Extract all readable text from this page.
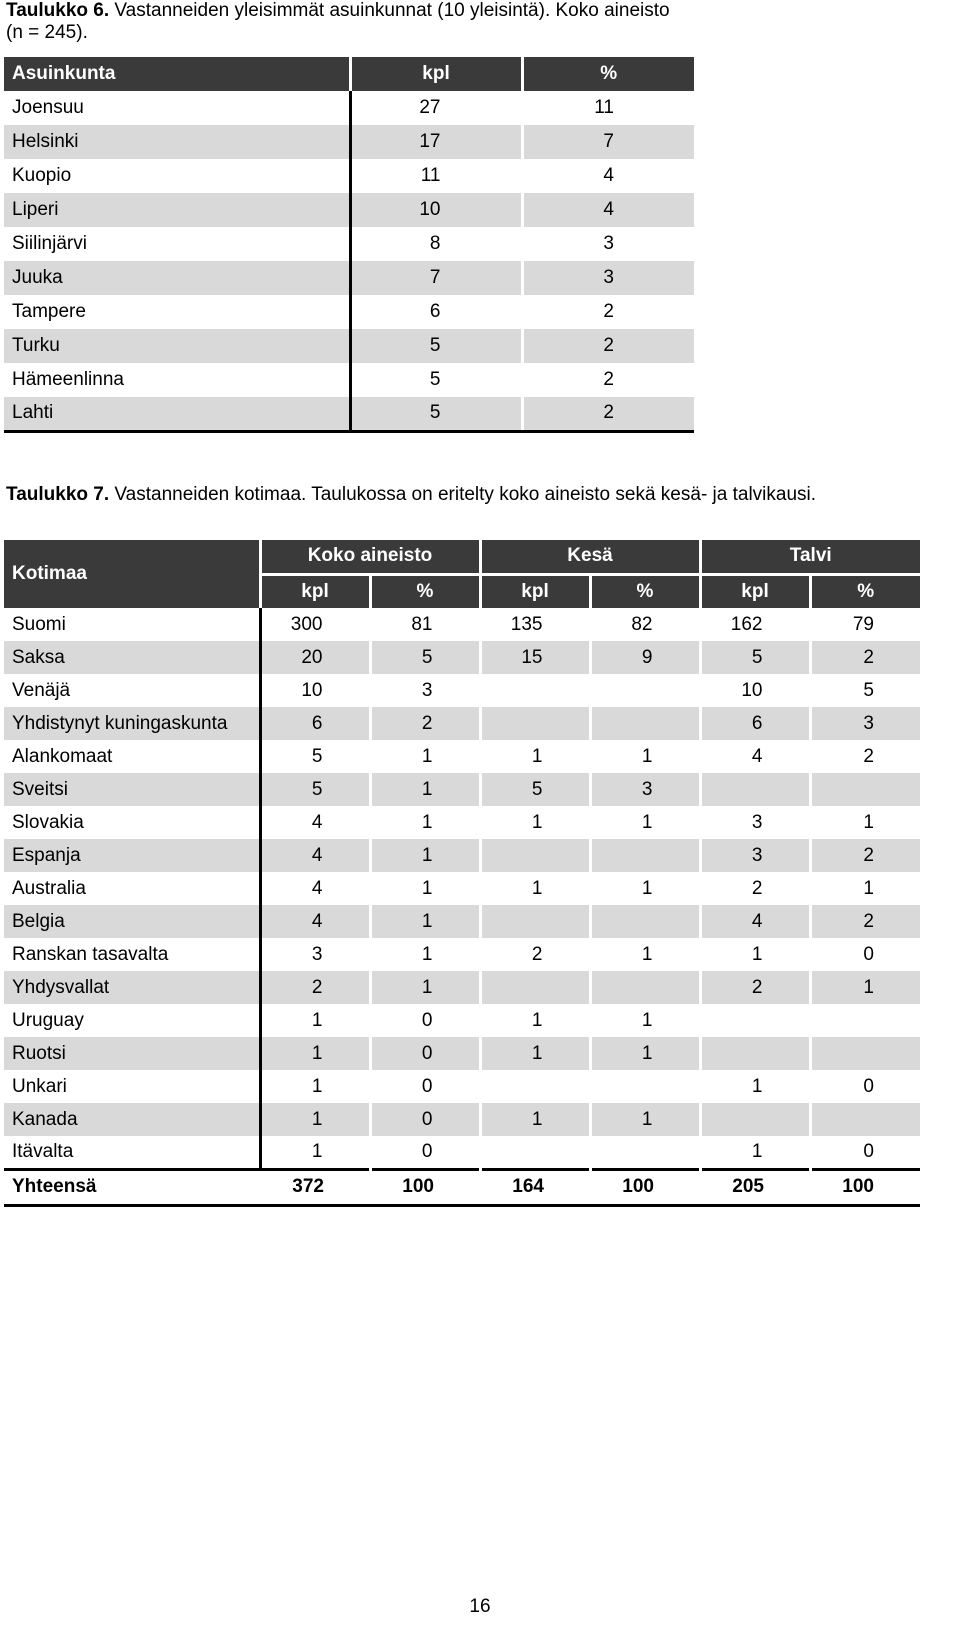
Taulukko 6. Vastanneiden yleisimmät asuinkunnat (10 yleisintä). Koko aineisto
(n = 245).
Asuinkunta	kpl	%
Joensuu	27	11
Helsinki	17	7
Kuopio	11	4
Liperi	10	4
Siilinjärvi	8	3
Juuka	7	3
Tampere	6	2
Turku	5	2
Hämeenlinna	5	2
Lahti	5	2
Taulukko 7. Vastanneiden kotimaa. Taulukossa on eritelty koko aineisto sekä kesä- ja talvikausi.
Kotimaa	Koko aineisto		Kesä		Talvi	
	kpl	%	kpl	%	kpl	%
Suomi	300	81	135	82	162	79
Saksa	20	5	15	9	5	2
Venäjä	10	3			10	5
Yhdistynyt kuningaskunta	6	2			6	3
Alankomaat	5	1	1	1	4	2
Sveitsi	5	1	5	3		
Slovakia	4	1	1	1	3	1
Espanja	4	1			3	2
Australia	4	1	1	1	2	1
Belgia	4	1			4	2
Ranskan tasavalta	3	1	2	1	1	0
Yhdysvallat	2	1			2	1
Uruguay	1	0	1	1		
Ruotsi	1	0	1	1		
Unkari	1	0			1	0
Kanada	1	0	1	1		
Itävalta	1	0			1	0
Yhteensä	372	100	164	100	205	100
16
